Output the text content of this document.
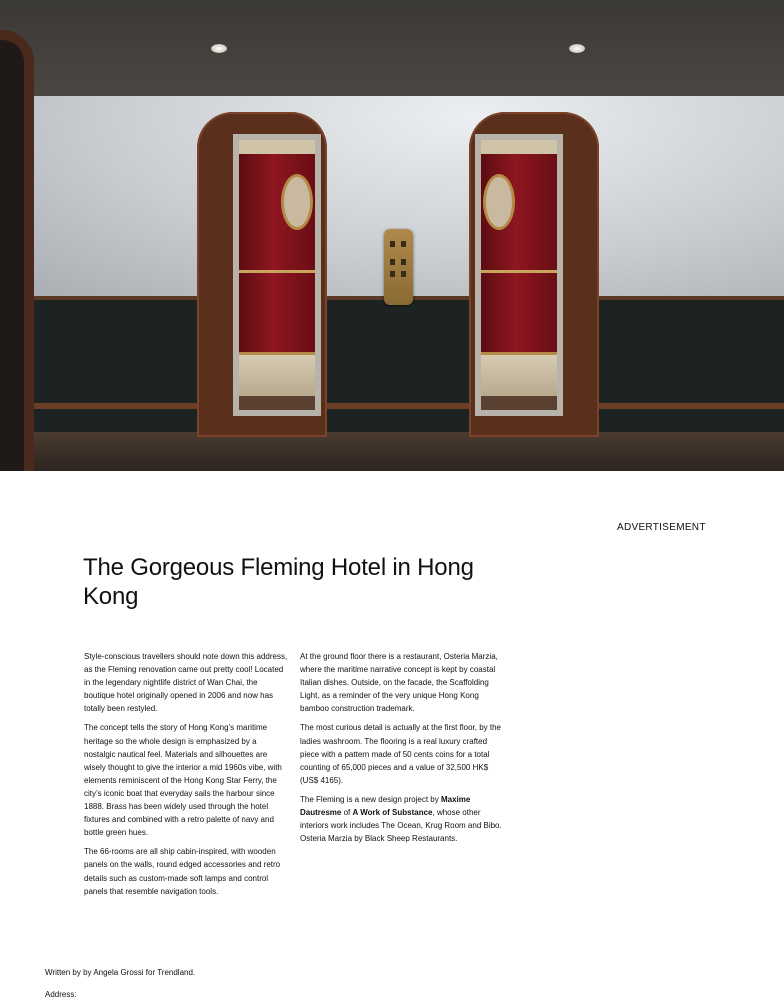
ADVERTISEMENT
The Gorgeous Fleming Hotel in Hong Kong

Style-conscious travellers should note down this address, as the Fleming renovation came out pretty cool! Located in the legendary nightlife district of Wan Chai, the boutique hotel originally opened in 2006 and now has totally been restyled.

The concept tells the story of Hong Kong’s maritime heritage so the whole design is emphasized by a nostalgic nautical feel. Materials and silhouettes are wisely thought to give the interior a mid 1960s vibe, with elements reminiscent of the Hong Kong Star Ferry, the city’s iconic boat that everyday sails the harbour since 1888. Brass has been widely used through the hotel fixtures and combined with a retro palette of navy and bottle green hues.

The 66-rooms are all ship cabin-inspired, with wooden panels on the walls, round edged accessories and retro details such as custom-made soft lamps and control panels that resemble navigation tools.

At the ground floor there is a restaurant, Osteria Marzia, where the maritime narrative concept is kept by coastal Italian dishes. Outside, on the facade, the Scaffolding Light, as a reminder of the very unique Hong Kong bamboo construction trademark.

The most curious detail is actually at the first floor, by the ladies washroom. The flooring is a real luxury crafted piece with a pattern made of 50 cents coins for a total counting of 65,000 pieces and a value of 32,500 HK$ (US$ 4165).

The Fleming is a new design project by Maxime Dautresme of A Work of Substance, whose other interiors work includes The Ocean, Krug Room and Bibo. Osteria Marzia by Black Sheep Restaurants.

Written by by Angela Grossi for Trendland.
Address:
